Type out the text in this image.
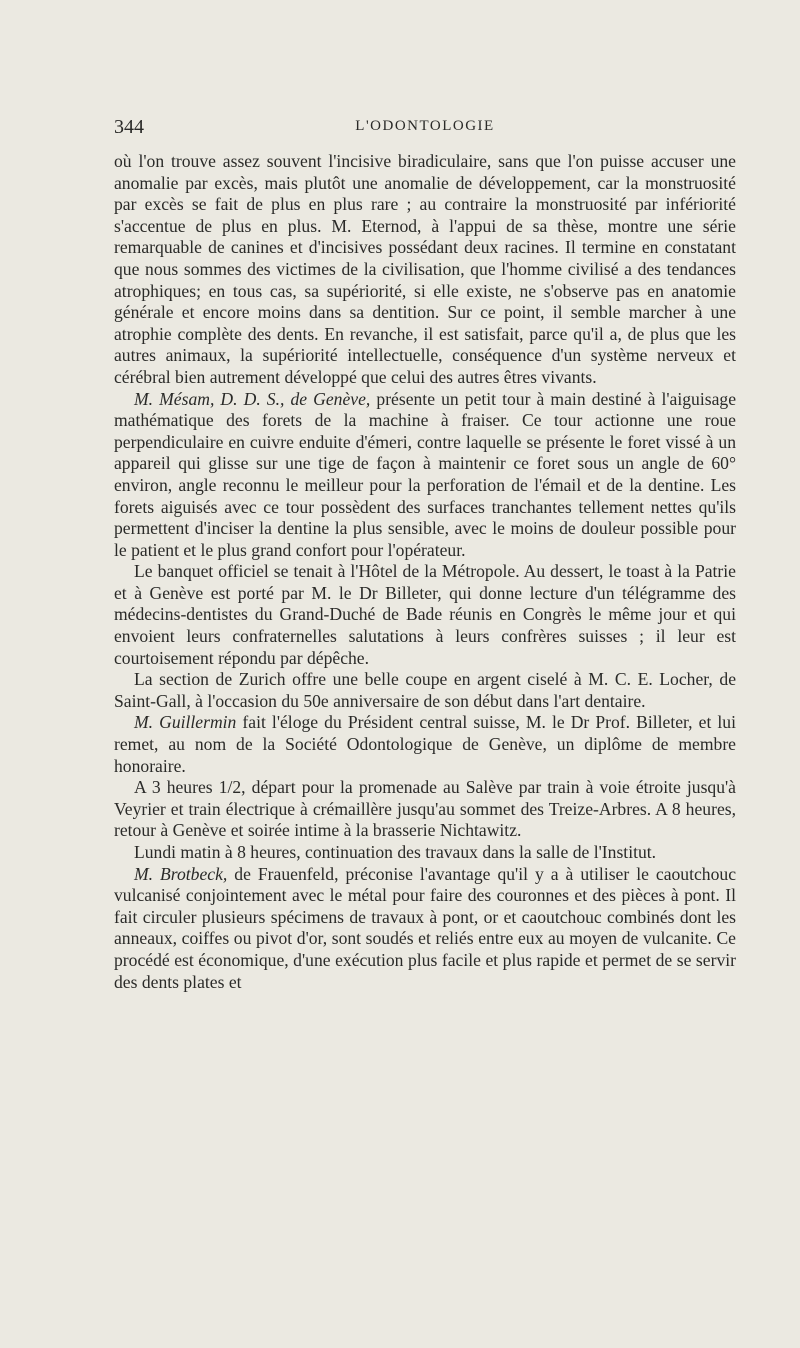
344	L'ODONTOLOGIE

où l'on trouve assez souvent l'incisive biradiculaire, sans que l'on puisse accuser une anomalie par excès, mais plutôt une anomalie de développement, car la monstruosité par excès se fait de plus en plus rare ; au contraire la monstruosité par infériorité s'accentue de plus en plus. M. Eternod, à l'appui de sa thèse, montre une série remarquable de canines et d'incisives possédant deux racines. Il termine en constatant que nous sommes des victimes de la civilisation, que l'homme civilisé a des tendances atrophiques; en tous cas, sa supériorité, si elle existe, ne s'observe pas en anatomie générale et encore moins dans sa dentition. Sur ce point, il semble marcher à une atrophie complète des dents. En revanche, il est satisfait, parce qu'il a, de plus que les autres animaux, la supériorité intellectuelle, conséquence d'un système nerveux et cérébral bien autrement développé que celui des autres êtres vivants.

M. Mésam, D. D. S., de Genève, présente un petit tour à main destiné à l'aiguisage mathématique des forets de la machine à fraiser. Ce tour actionne une roue perpendiculaire en cuivre enduite d'émeri, contre laquelle se présente le foret vissé à un appareil qui glisse sur une tige de façon à maintenir ce foret sous un angle de 60° environ, angle reconnu le meilleur pour la perforation de l'émail et de la dentine. Les forets aiguisés avec ce tour possèdent des surfaces tranchantes tellement nettes qu'ils permettent d'inciser la dentine la plus sensible, avec le moins de douleur possible pour le patient et le plus grand confort pour l'opérateur.

Le banquet officiel se tenait à l'Hôtel de la Métropole. Au dessert, le toast à la Patrie et à Genève est porté par M. le Dr Billeter, qui donne lecture d'un télégramme des médecins-dentistes du Grand-Duché de Bade réunis en Congrès le même jour et qui envoient leurs confraternelles salutations à leurs confrères suisses ; il leur est courtoisement répondu par dépêche.

La section de Zurich offre une belle coupe en argent ciselé à M. C. E. Locher, de Saint-Gall, à l'occasion du 50e anniversaire de son début dans l'art dentaire.

M. Guillermin fait l'éloge du Président central suisse, M. le Dr Prof. Billeter, et lui remet, au nom de la Société Odontologique de Genève, un diplôme de membre honoraire.

A 3 heures 1/2, départ pour la promenade au Salève par train à voie étroite jusqu'à Veyrier et train électrique à crémaillère jusqu'au sommet des Treize-Arbres. A 8 heures, retour à Genève et soirée intime à la brasserie Nichtawitz.

Lundi matin à 8 heures, continuation des travaux dans la salle de l'Institut.

M. Brotbeck, de Frauenfeld, préconise l'avantage qu'il y a à utiliser le caoutchouc vulcanisé conjointement avec le métal pour faire des couronnes et des pièces à pont. Il fait circuler plusieurs spécimens de travaux à pont, or et caoutchouc combinés dont les anneaux, coiffes ou pivot d'or, sont soudés et reliés entre eux au moyen de vulcanite. Ce procédé est économique, d'une exécution plus facile et plus rapide et permet de se servir des dents plates et
